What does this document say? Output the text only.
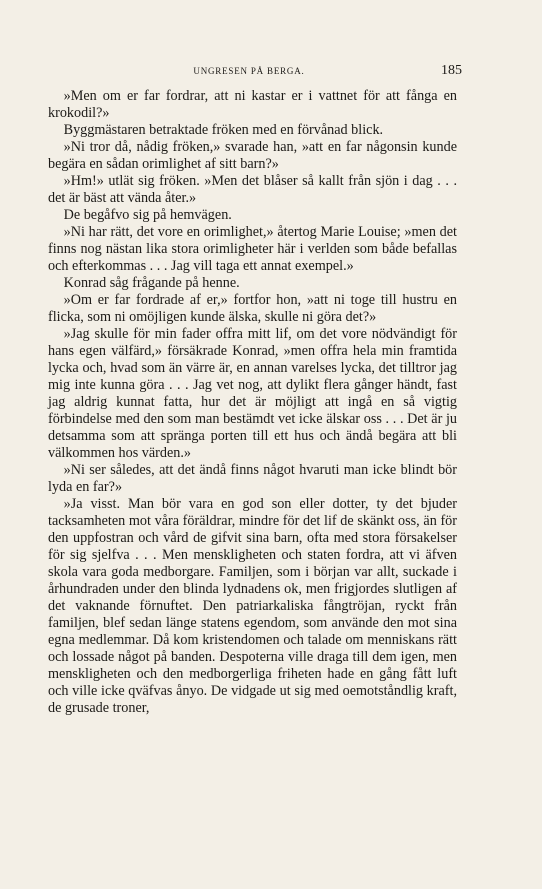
UNGRESEN PÅ BERGA.	185

»Men om er far fordrar, att ni kastar er i vattnet för att fånga en krokodil?»

Byggmästaren betraktade fröken med en förvånad blick.

»Ni tror då, nådig fröken,» svarade han, »att en far någonsin kunde begära en sådan orimlighet af sitt barn?»

»Hm!» utlät sig fröken. »Men det blåser så kallt från sjön i dag . . . det är bäst att vända åter.»

De begåfvo sig på hemvägen.

»Ni har rätt, det vore en orimlighet,» återtog Marie Louise; »men det finns nog nästan lika stora orimligheter här i verlden som både befallas och efterkommas . . . Jag vill taga ett annat exempel.»

Konrad såg frågande på henne.

»Om er far fordrade af er,» fortfor hon, »att ni toge till hustru en flicka, som ni omöjligen kunde älska, skulle ni göra det?»

»Jag skulle för min fader offra mitt lif, om det vore nödvändigt för hans egen välfärd,» försäkrade Konrad, »men offra hela min framtida lycka och, hvad som än värre är, en annan varelses lycka, det tilltror jag mig inte kunna göra . . . Jag vet nog, att dylikt flera gånger händt, fast jag aldrig kunnat fatta, hur det är möjligt att ingå en så vigtig förbindelse med den som man bestämdt vet icke älskar oss . . . Det är ju detsamma som att spränga porten till ett hus och ändå begära att bli välkommen hos värden.»

»Ni ser således, att det ändå finns något hvaruti man icke blindt bör lyda en far?»

»Ja visst. Man bör vara en god son eller dotter, ty det bjuder tacksamheten mot våra föräldrar, mindre för det lif de skänkt oss, än för den uppfostran och vård de gifvit sina barn, ofta med stora försakelser för sig sjelfva . . . Men menskligheten och staten fordra, att vi äfven skola vara goda medborgare. Familjen, som i början var allt, suckade i århundraden under den blinda lydnadens ok, men frigjordes slutligen af det vaknande förnuftet. Den patriarkaliska fångtröjan, ryckt från familjen, blef sedan länge statens egendom, som använde den mot sina egna medlemmar. Då kom kristendomen och talade om menniskans rätt och lossade något på banden. Despoterna ville draga till dem igen, men menskligheten och den medborgerliga friheten hade en gång fått luft och ville icke qväfvas ånyo. De vidgade ut sig med oemotståndlig kraft, de grusade troner,
